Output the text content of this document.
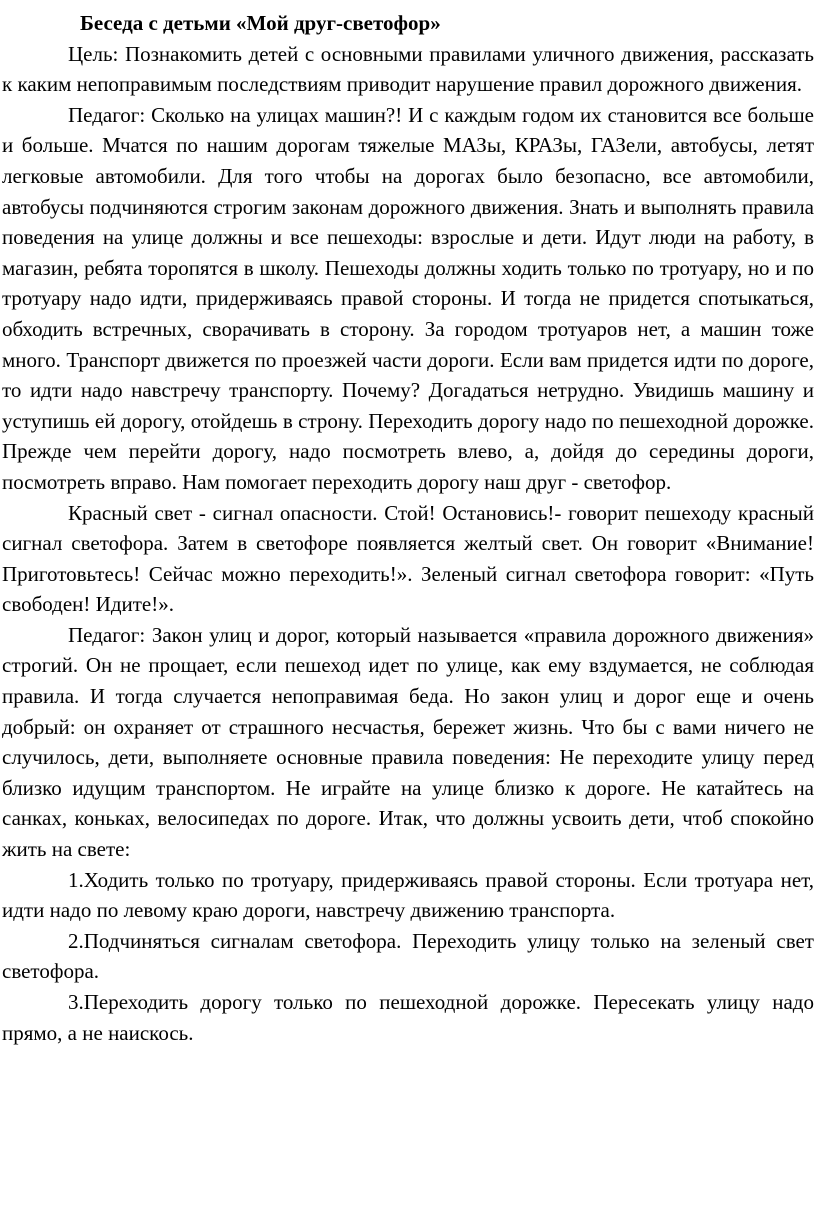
Беседа с детьми «Мой друг-светофор»

Цель: Познакомить детей с основными правилами уличного движения, рассказать к каким непоправимым последствиям приводит нарушение правил дорожного движения.

Педагог: Сколько на улицах машин?! И с каждым годом их становится все больше и больше. Мчатся по нашим дорогам тяжелые МАЗы, КРАЗы, ГАЗели, автобусы, летят легковые автомобили. Для того чтобы на дорогах было безопасно, все автомобили, автобусы подчиняются строгим законам дорожного движения. Знать и выполнять правила поведения на улице должны и все пешеходы: взрослые и дети. Идут люди на работу, в магазин, ребята торопятся в школу. Пешеходы должны ходить только по тротуару, но и по тротуару надо идти, придерживаясь правой стороны. И тогда не придется спотыкаться, обходить встречных, сворачивать в сторону. За городом тротуаров нет, а машин тоже много. Транспорт движется по проезжей части дороги. Если вам придется идти по дороге, то идти надо навстречу транспорту. Почему? Догадаться нетрудно. Увидишь машину и уступишь ей дорогу, отойдешь в строну. Переходить дорогу надо по пешеходной дорожке. Прежде чем перейти дорогу, надо посмотреть влево, а, дойдя до середины дороги, посмотреть вправо. Нам помогает переходить дорогу наш друг - светофор.

Красный свет - сигнал опасности. Стой! Остановись!- говорит пешеходу красный сигнал светофора. Затем в светофоре появляется желтый свет. Он говорит «Внимание! Приготовьтесь! Сейчас можно переходить!». Зеленый сигнал светофора говорит: «Путь свободен! Идите!».

Педагог: Закон улиц и дорог, который называется «правила дорожного движения» строгий. Он не прощает, если пешеход идет по улице, как ему вздумается, не соблюдая правила. И тогда случается непоправимая беда. Но закон улиц и дорог еще и очень добрый: он охраняет от страшного несчастья, бережет жизнь. Что бы с вами ничего не случилось, дети, выполняете основные правила поведения: Не переходите улицу перед близко идущим транспортом. Не играйте на улице близко к дороге. Не катайтесь на санках, коньках, велосипедах по дороге. Итак, что должны усвоить дети, чтоб спокойно жить на свете:

1.Ходить только по тротуару, придерживаясь правой стороны. Если тротуара нет, идти надо по левому краю дороги, навстречу движению транспорта.

2.Подчиняться сигналам светофора. Переходить улицу только на зеленый свет светофора.

3.Переходить дорогу только по пешеходной дорожке. Пересекать улицу надо прямо, а не наискось.
